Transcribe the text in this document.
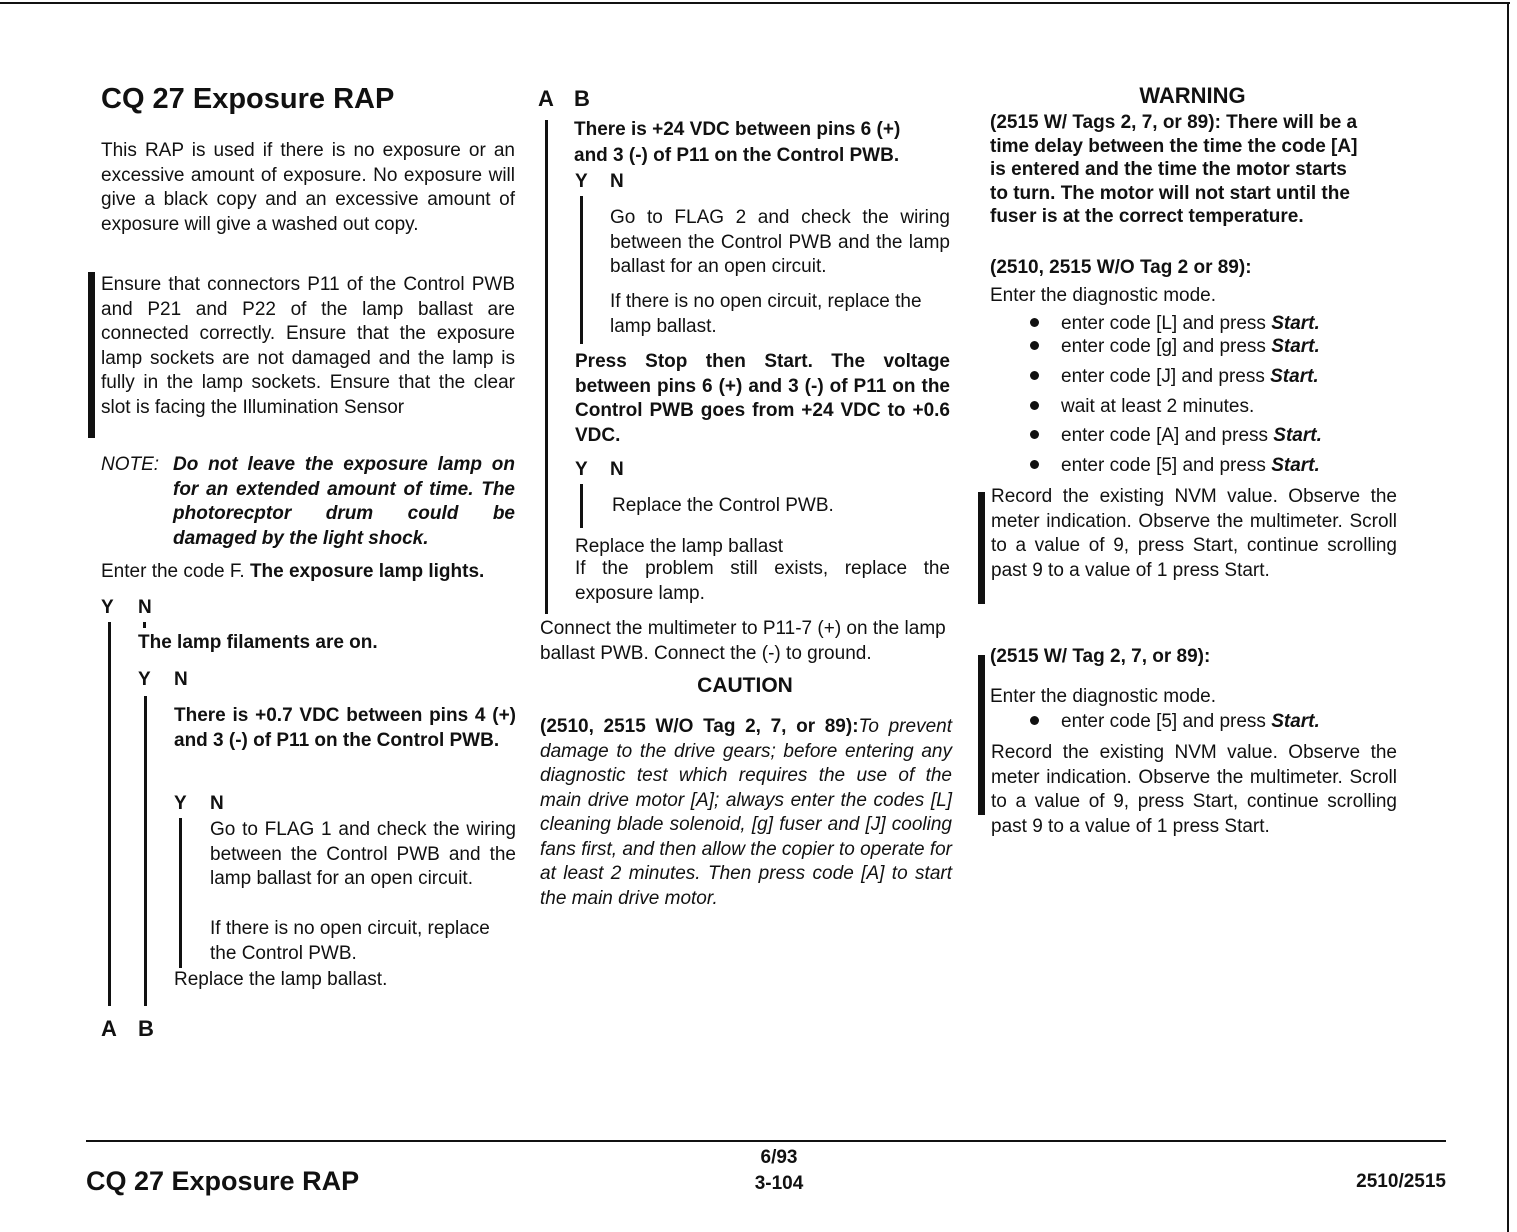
CQ 27 Exposure RAP
This RAP is used if there is no exposure or an excessive amount of exposure. No exposure will give a black copy and an excessive amount of exposure will give a washed out copy.
Ensure that connectors P11 of the Control PWB and P21 and P22 of the lamp ballast are connected correctly. Ensure that the exposure lamp sockets are not damaged and the lamp is fully in the lamp sockets. Ensure that the clear slot is facing the Illumination Sensor
NOTE: Do not leave the exposure lamp on for an extended amount of time. The photorecptor drum could be damaged by the light shock.
Enter the code F. The exposure lamp lights.
Y N
The lamp filaments are on.
Y N
There is +0.7 VDC between pins 4 (+) and 3 (-) of P11 on the Control PWB.
Y N
Go to FLAG 1 and check the wiring between the Control PWB and the lamp ballast for an open circuit.
If there is no open circuit, replace the Control PWB.
Replace the lamp ballast.
A B
A B
There is +24 VDC between pins 6 (+) and 3 (-) of P11 on the Control PWB.
Y N
Go to FLAG 2 and check the wiring between the Control PWB and the lamp ballast for an open circuit.
If there is no open circuit, replace the lamp ballast.
Press Stop then Start. The voltage between pins 6 (+) and 3 (-) of P11 on the Control PWB goes from +24 VDC to +0.6 VDC.
Y N
Replace the Control PWB.
Replace the lamp ballast
If the problem still exists, replace the exposure lamp.
Connect the multimeter to P11-7 (+) on the lamp ballast PWB. Connect the (-) to ground.
CAUTION
(2510, 2515 W/O Tag 2, 7, or 89):To prevent damage to the drive gears; before entering any diagnostic test which requires the use of the main drive motor [A]; always enter the codes [L] cleaning blade solenoid, [g] fuser and [J] cooling fans first, and then allow the copier to operate for at least 2 minutes. Then press code [A] to start the main drive motor.
WARNING
(2515 W/ Tags 2, 7, or 89): There will be a time delay between the time the code [A] is entered and the time the motor starts to turn. The motor will not start until the fuser is at the correct temperature.
(2510, 2515 W/O Tag 2 or 89):
Enter the diagnostic mode.
enter code [L] and press Start.
enter code [g] and press Start.
enter code [J] and press Start.
wait at least 2 minutes.
enter code [A] and press Start.
enter code [5] and press Start.
Record the existing NVM value. Observe the meter indication. Observe the multimeter. Scroll to a value of 9, press Start, continue scrolling past 9 to a value of 1 press Start.
(2515 W/ Tag 2, 7, or 89):
Enter the diagnostic mode.
enter code [5] and press Start.
Record the existing NVM value. Observe the meter indication. Observe the multimeter. Scroll to a value of 9, press Start, continue scrolling past 9 to a value of 1 press Start.
CQ 27 Exposure RAP
6/93
3-104	2510/2515
